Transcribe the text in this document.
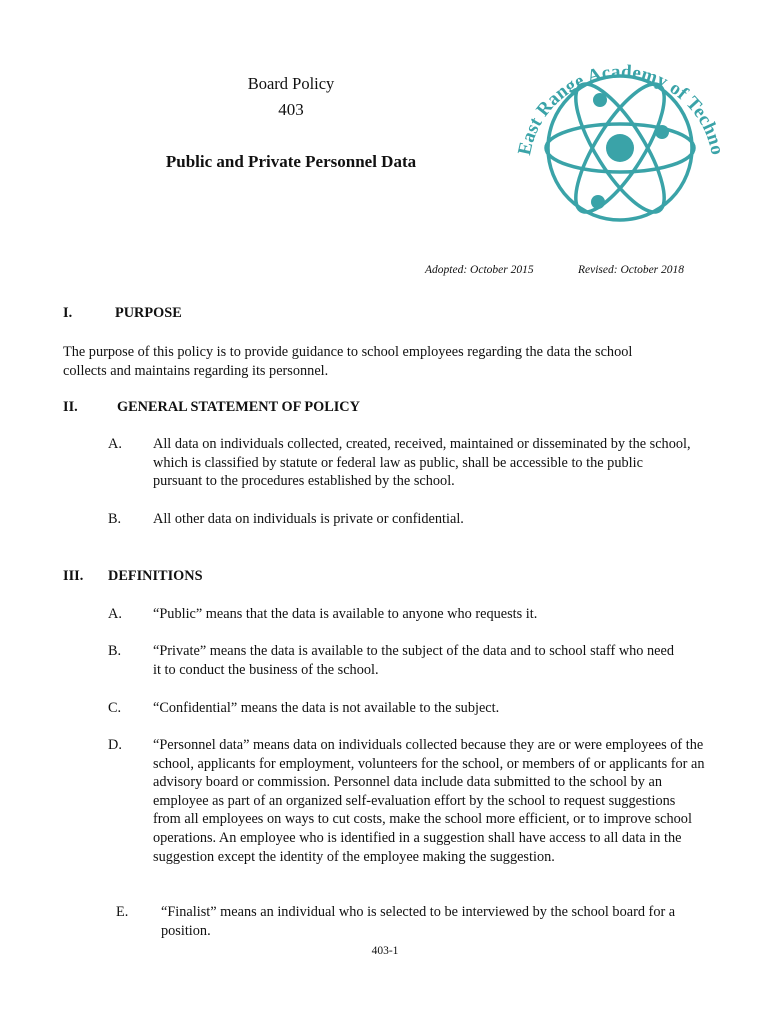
Board Policy
403
Public and Private Personnel Data
East Range Academy of Techn
Adopted: October 2015	Revised: October 2018
I.	PURPOSE
The purpose of this policy is to provide guidance to school employees regarding the data the school collects and maintains regarding its personnel.
II.	GENERAL STATEMENT OF POLICY
A. All data on individuals collected, created, received, maintained or disseminated by the school, which is classified by statute or federal law as public, shall be accessible to the public pursuant to the procedures established by the school.
B. All other data on individuals is private or confidential.
III. DEFINITIONS
A. “Public” means that the data is available to anyone who requests it.
B. “Private” means the data is available to the subject of the data and to school staff who need it to conduct the business of the school.
C. “Confidential” means the data is not available to the subject.
D. “Personnel data” means data on individuals collected because they are or were employees of the school, applicants for employment, volunteers for the school, or members of or applicants for an advisory board or commission. Personnel data include data submitted to the school by an employee as part of an organized self-evaluation effort by the school to request suggestions from all employees on ways to cut costs, make the school more efficient, or to improve school operations. An employee who is identified in a suggestion shall have access to all data in the suggestion except the identity of the employee making the suggestion.
E. “Finalist” means an individual who is selected to be interviewed by the school board for a position.
403-1
